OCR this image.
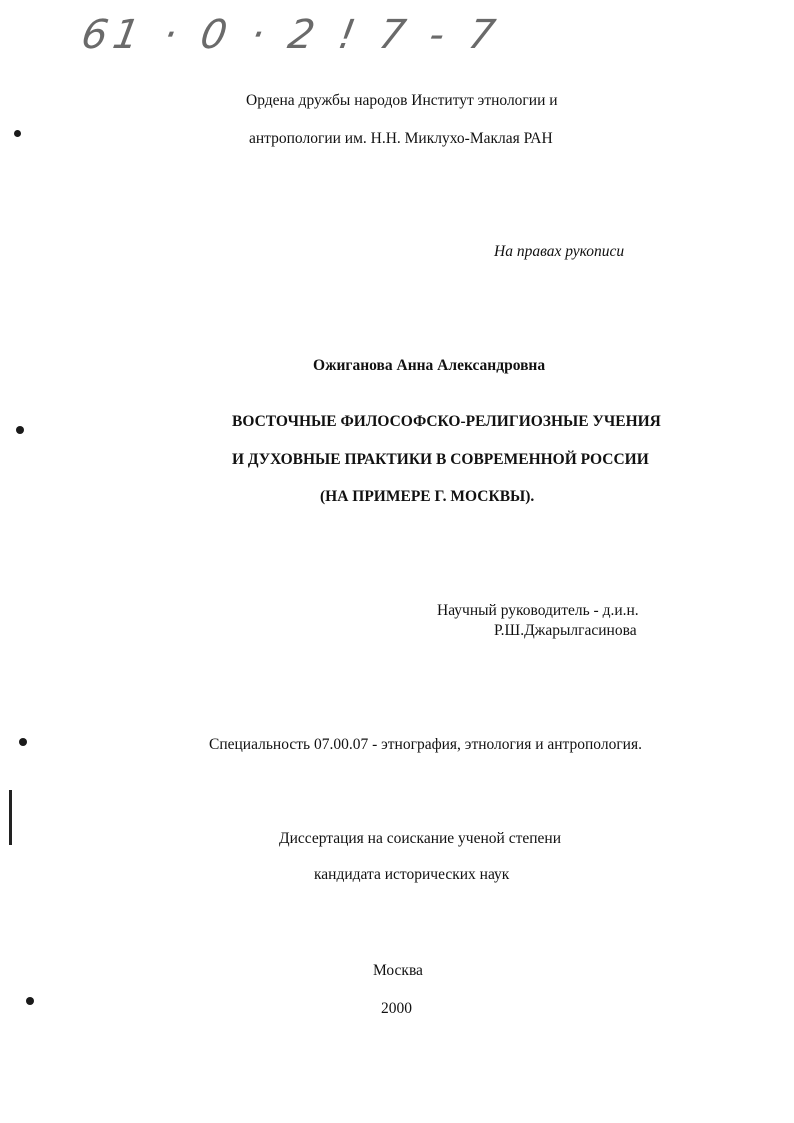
61 · 0 · 2 ! 7 - 7
Ордена дружбы народов Институт этнологии и
антропологии им. Н.Н. Миклухо-Маклая РАН
На правах рукописи
Ожиганова Анна Александровна
ВОСТОЧНЫЕ ФИЛОСОФСКО-РЕЛИГИОЗНЫЕ УЧЕНИЯ
И ДУХОВНЫЕ ПРАКТИКИ В СОВРЕМЕННОЙ РОССИИ
(НА ПРИМЕРЕ Г. МОСКВЫ).
Научный руководитель - д.и.н.
Р.Ш.Джарылгасинова
Специальность 07.00.07 - этнография, этнология и антропология.
Диссертация на соискание ученой степени
кандидата исторических наук
Москва
2000
